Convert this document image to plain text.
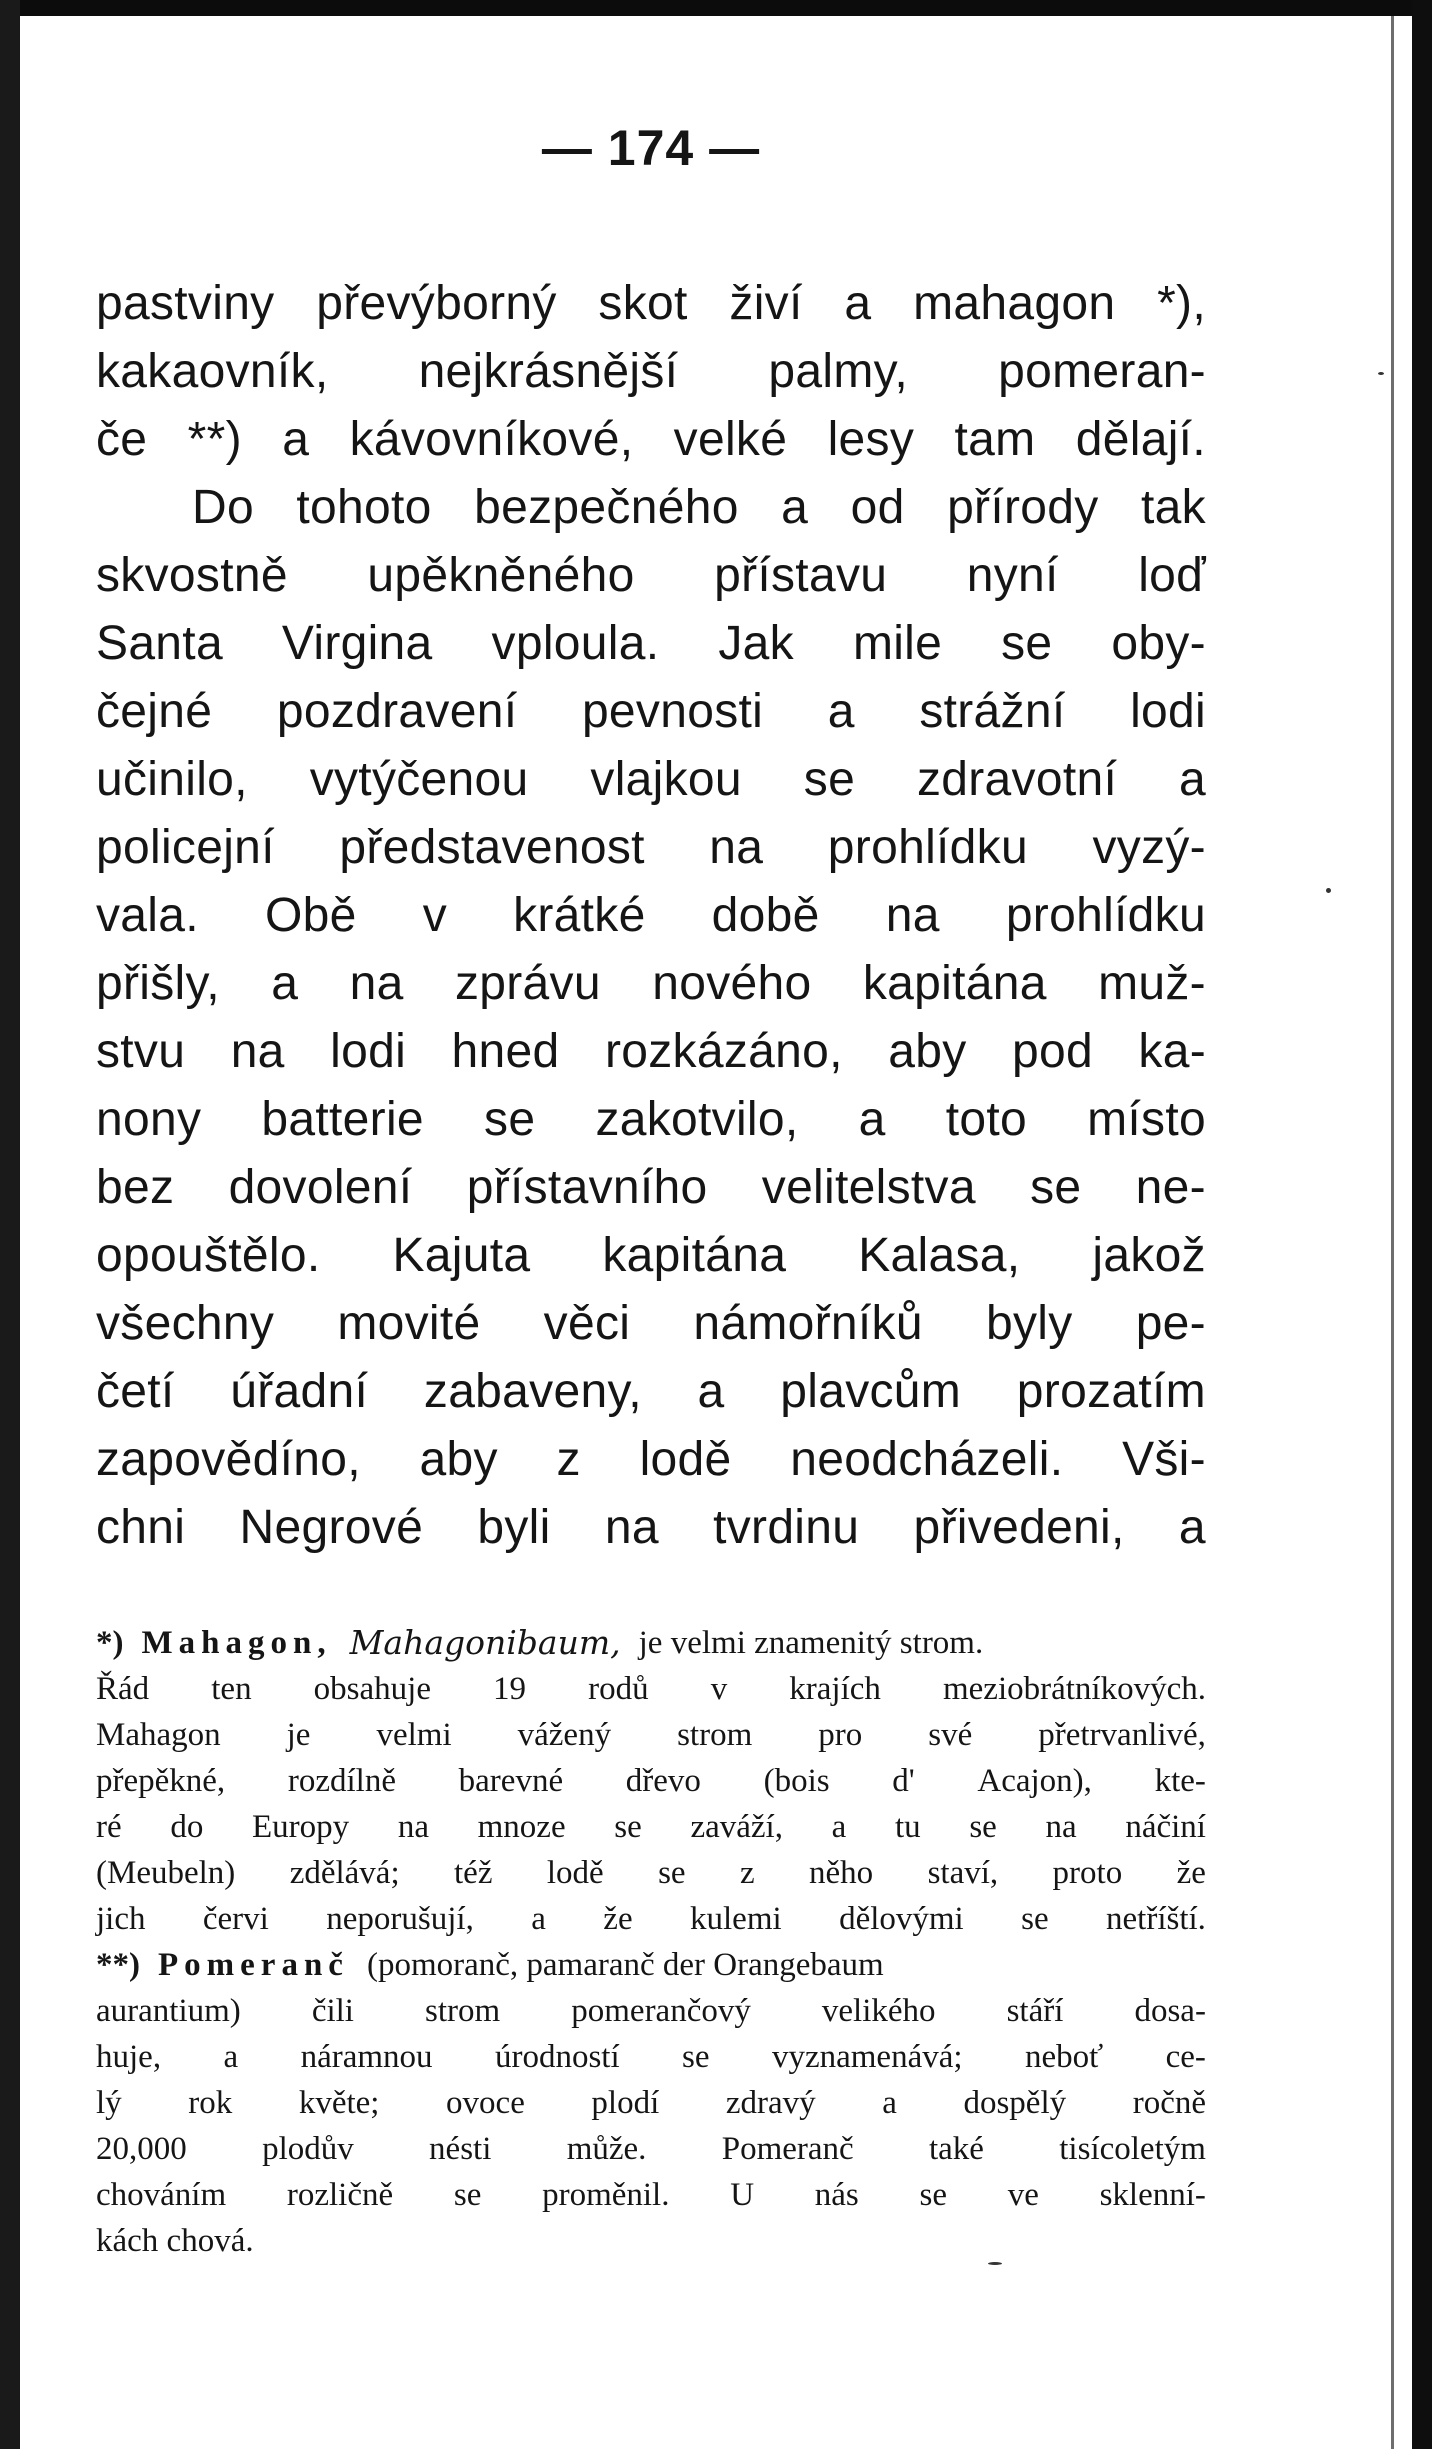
— 174 —
pastviny převýborný skot živí a mahagon *),
kakaovník, nejkrásnější palmy, pomeran-
če **) a kávovníkové, velké lesy tam dělají.
Do tohoto bezpečného a od přírody tak
skvostně upěkněného přístavu nyní loď
Santa Virgina vploula. Jak mile se oby-
čejné pozdravení pevnosti a strážní lodi
učinilo, vytýčenou vlajkou se zdravotní a
policejní představenost na prohlídku vyzý-
vala. Obě v krátké době na prohlídku
přišly, a na zprávu nového kapitána muž-
stvu na lodi hned rozkázáno, aby pod ka-
nony batterie se zakotvilo, a toto místo
bez dovolení přístavního velitelstva se ne-
opouštělo. Kajuta kapitána Kalasa, jakož
všechny movité věci námořníků byly pe-
četí úřadní zabaveny, a plavcům prozatím
zapovědíno, aby z lodě neodcházeli. Vši-
chni Negrové byli na tvrdinu přivedeni, a
*) Mahagon, Mahagonibaum, je velmi znamenitý strom.
Řád ten obsahuje 19 rodů v krajích meziobrátníkových.
Mahagon je velmi vážený strom pro své přetrvanlivé,
přepěkné, rozdílně barevné dřevo (bois d' Acajon), kte-
ré do Europy na mnoze se zaváží, a tu se na náčiní
(Meubeln) zdělává; též lodě se z něho staví, proto že
jich červi neporušují, a že kulemi dělovými se netříští.
**) Pomeranč (pomoranč, pamaranč der Orangebaum
aurantium) čili strom pomerančový velikého stáří dosa-
huje, a náramnou úrodností se vyznamenává; neboť ce-
lý rok květe; ovoce plodí zdravý a dospělý ročně
20,000 plodův nésti může. Pomeranč také tisícoletým
chováním rozličně se proměnil. U nás se ve sklenní-
kách chová.
